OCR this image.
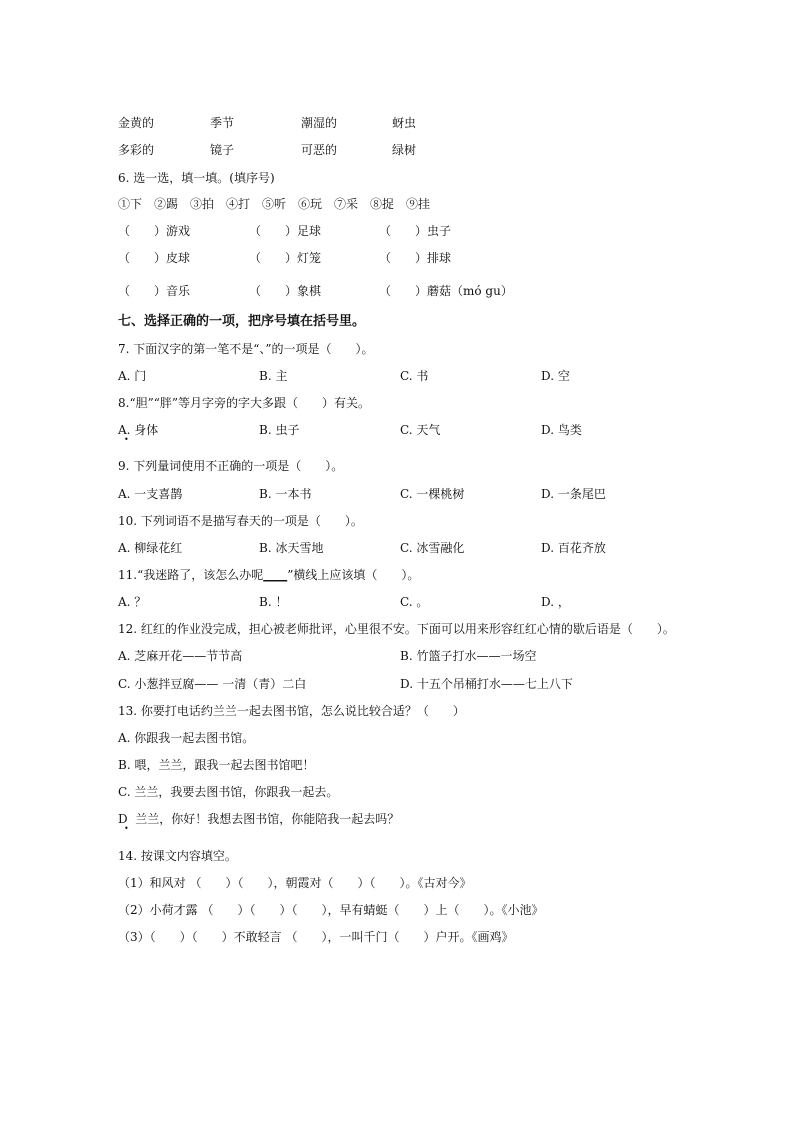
金黄的	季节	潮湿的	蚜虫
多彩的	镜子	可恶的	绿树
6. 选一选，填一填。(填序号)
①下　②踢　③拍　④打　⑤听　⑥玩　⑦采　⑧捉　⑨挂
（　　）游戏	（　　）足球	（　　）虫子
（　　）皮球	（　　）灯笼	（　　）排球
（　　）音乐	（　　）象棋	（　　）蘑菇（mó gu）
七、选择正确的一项，把序号填在括号里。
7. 下面汉字的第一笔不是“、”的一项是（　　）。
A. 门	B. 主	C. 书	D. 空
8.“胆”“胖”等月字旁的字大多跟（　　）有关。
A. 身体	B. 虫子	C. 天气	D. 鸟类
•
9. 下列量词使用不正确的一项是（　　）。
A. 一支喜鹊	B. 一本书	C. 一棵桃树	D. 一条尾巴
10. 下列词语不是描写春天的一项是（　　）。
A. 柳绿花红	B. 冰天雪地	C. 冰雪融化	D. 百花齐放
11.“我迷路了，该怎么办呢____”横线上应该填（　　）。
A. ？	B. ！	C. 。	D. ，
12. 红红的作业没完成，担心被老师批评，心里很不安。下面可以用来形容红红心情的歇后语是（　　）。
A. 芝麻开花——节节高	B. 竹篮子打水——一场空
C. 小葱拌豆腐—— 一清（青）二白	D. 十五个吊桶打水——七上八下
13. 你要打电话约兰兰一起去图书馆，怎么说比较合适？（　　）
A. 你跟我一起去图书馆。
B. 喂，兰兰，跟我一起去图书馆吧！
C. 兰兰，我要去图书馆，你跟我一起去。
D  兰兰，你好！我想去图书馆，你能陪我一起去吗？
•
14. 按课文内容填空。
（1）和风对 （　　）（　　），朝霞对（　　）（　　）。《古对今》
（2）小荷才露 （　　）（　　）（　　），早有蜻蜓（　　）上（　　）。《小池》
（3）（　　）（　　）不敢轻言 （　　），一叫千门（　　）户开。《画鸡》
